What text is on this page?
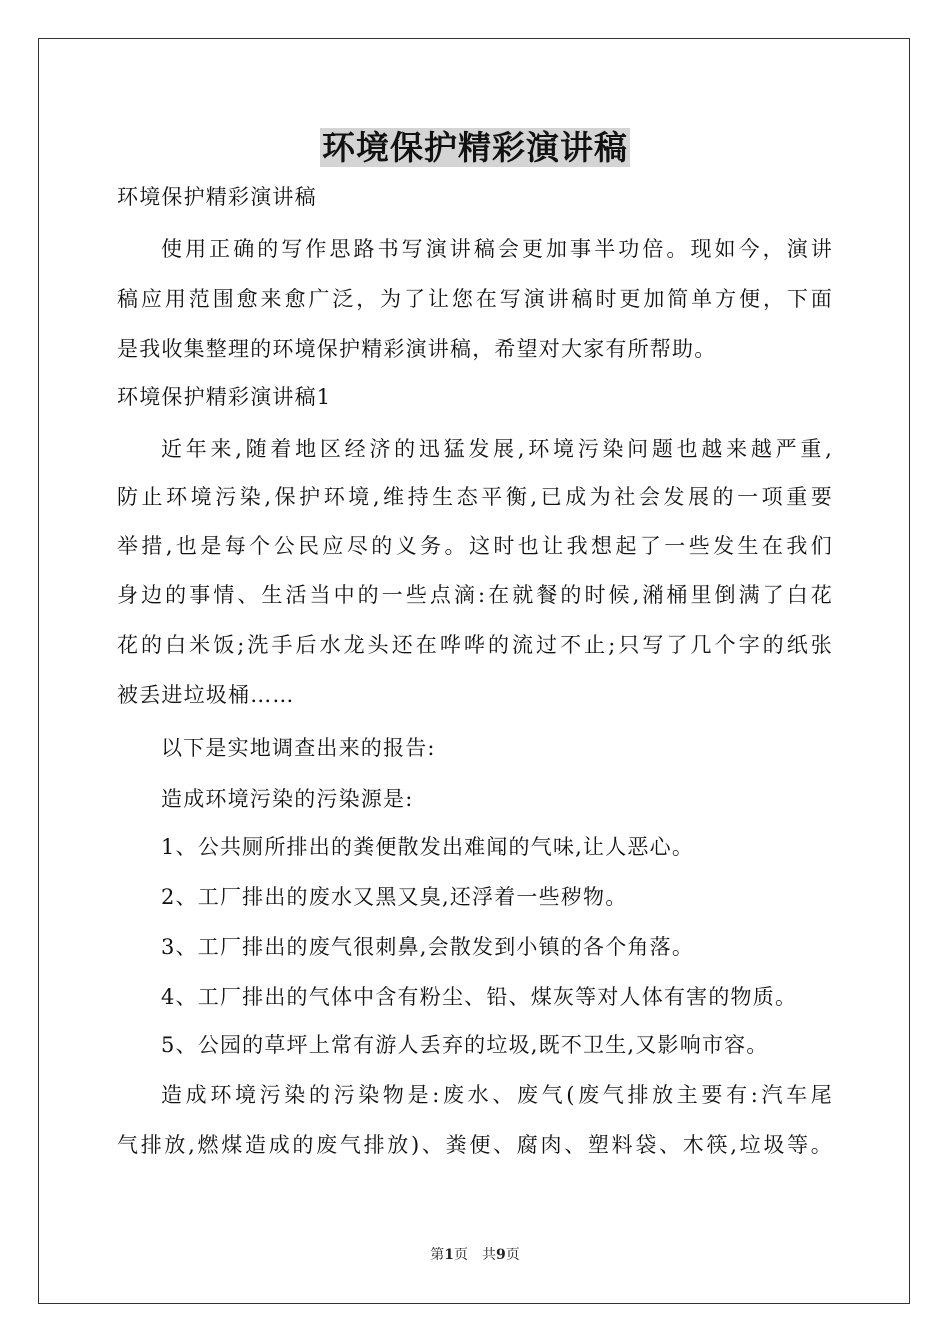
环境保护精彩演讲稿
环境保护精彩演讲稿
使用正确的写作思路书写演讲稿会更加事半功倍。现如今，演讲
稿应用范围愈来愈广泛，为了让您在写演讲稿时更加简单方便，下面
是我收集整理的环境保护精彩演讲稿，希望对大家有所帮助。
环境保护精彩演讲稿1
近年来,随着地区经济的迅猛发展,环境污染问题也越来越严重,
防止环境污染,保护环境,维持生态平衡,已成为社会发展的一项重要
举措,也是每个公民应尽的义务。这时也让我想起了一些发生在我们
身边的事情、生活当中的一些点滴:在就餐的时候,潲桶里倒满了白花
花的白米饭;洗手后水龙头还在哗哗的流过不止;只写了几个字的纸张
被丢进垃圾桶……
以下是实地调查出来的报告:
造成环境污染的污染源是:
1、公共厕所排出的粪便散发出难闻的气味,让人恶心。
2、工厂排出的废水又黑又臭,还浮着一些秽物。
3、工厂排出的废气很刺鼻,会散发到小镇的各个角落。
4、工厂排出的气体中含有粉尘、铅、煤灰等对人体有害的物质。
5、公园的草坪上常有游人丢弃的垃圾,既不卫生,又影响市容。
造成环境污染的污染物是:废水、废气(废气排放主要有:汽车尾
气排放,燃煤造成的废气排放)、粪便、腐肉、塑料袋、木筷,垃圾等。
第1页　共9页
